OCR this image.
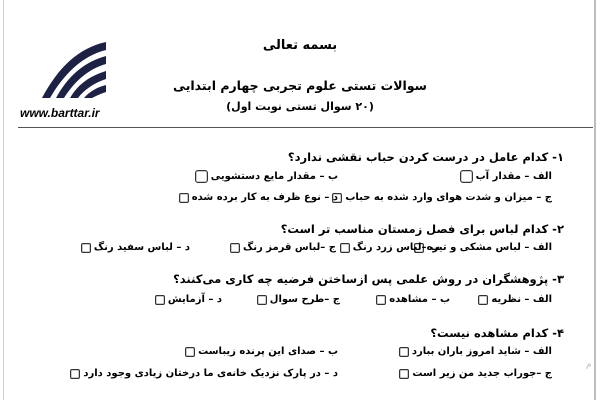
www.barttar.ir
بسمه تعالی
سوالات تستی علوم تجربی چهارم ابتدایی
(۲۰ سوال تستی نوبت اول)
۱- کدام عامل در درست کردن حباب نقشی ندارد؟
الف – مقدار آب
ب – مقدار مایع دستشویی
ج – میزان و شدت هوای وارد شده به حباب
د – نوع ظرف به کار برده شده
۲- کدام لباس برای فصل زمستان مناسب تر است؟
الف – لباس مشکی و تیره
ب –لباس زرد رنگ
ج –لباس قرمز رنگ
د – لباس سفید رنگ
۳- پژوهشگران در روش علمی پس ازساختن فرضیه چه کاری می‌کنند؟
الف – نظریه
ب – مشاهده
ج –طرح سوال
د – آزمایش
۴- کدام مشاهده نیست؟
الف – شاید امروز باران ببارد
ب – صدای این پرنده زیباست
ج –جوراب جدید من زیر است
د – در پارک نزدیک خانه‌ی ما درختان زیادی وجود دارد
م
